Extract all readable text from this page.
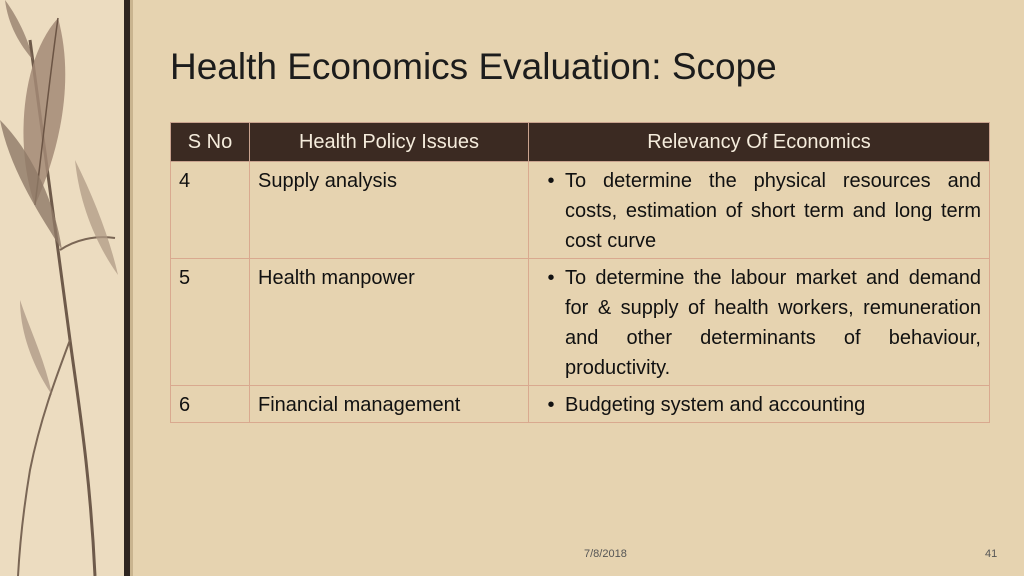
Health Economics Evaluation: Scope
S No	Health Policy Issues	Relevancy Of Economics
4	Supply analysis	• To determine the physical resources and costs, estimation of short term and long term cost curve

5	Health manpower	• To determine the labour market and demand for & supply of health workers, remuneration and other determinants of behaviour, productivity.

6	Financial management	• Budgeting system and accounting
7/8/2018	41
